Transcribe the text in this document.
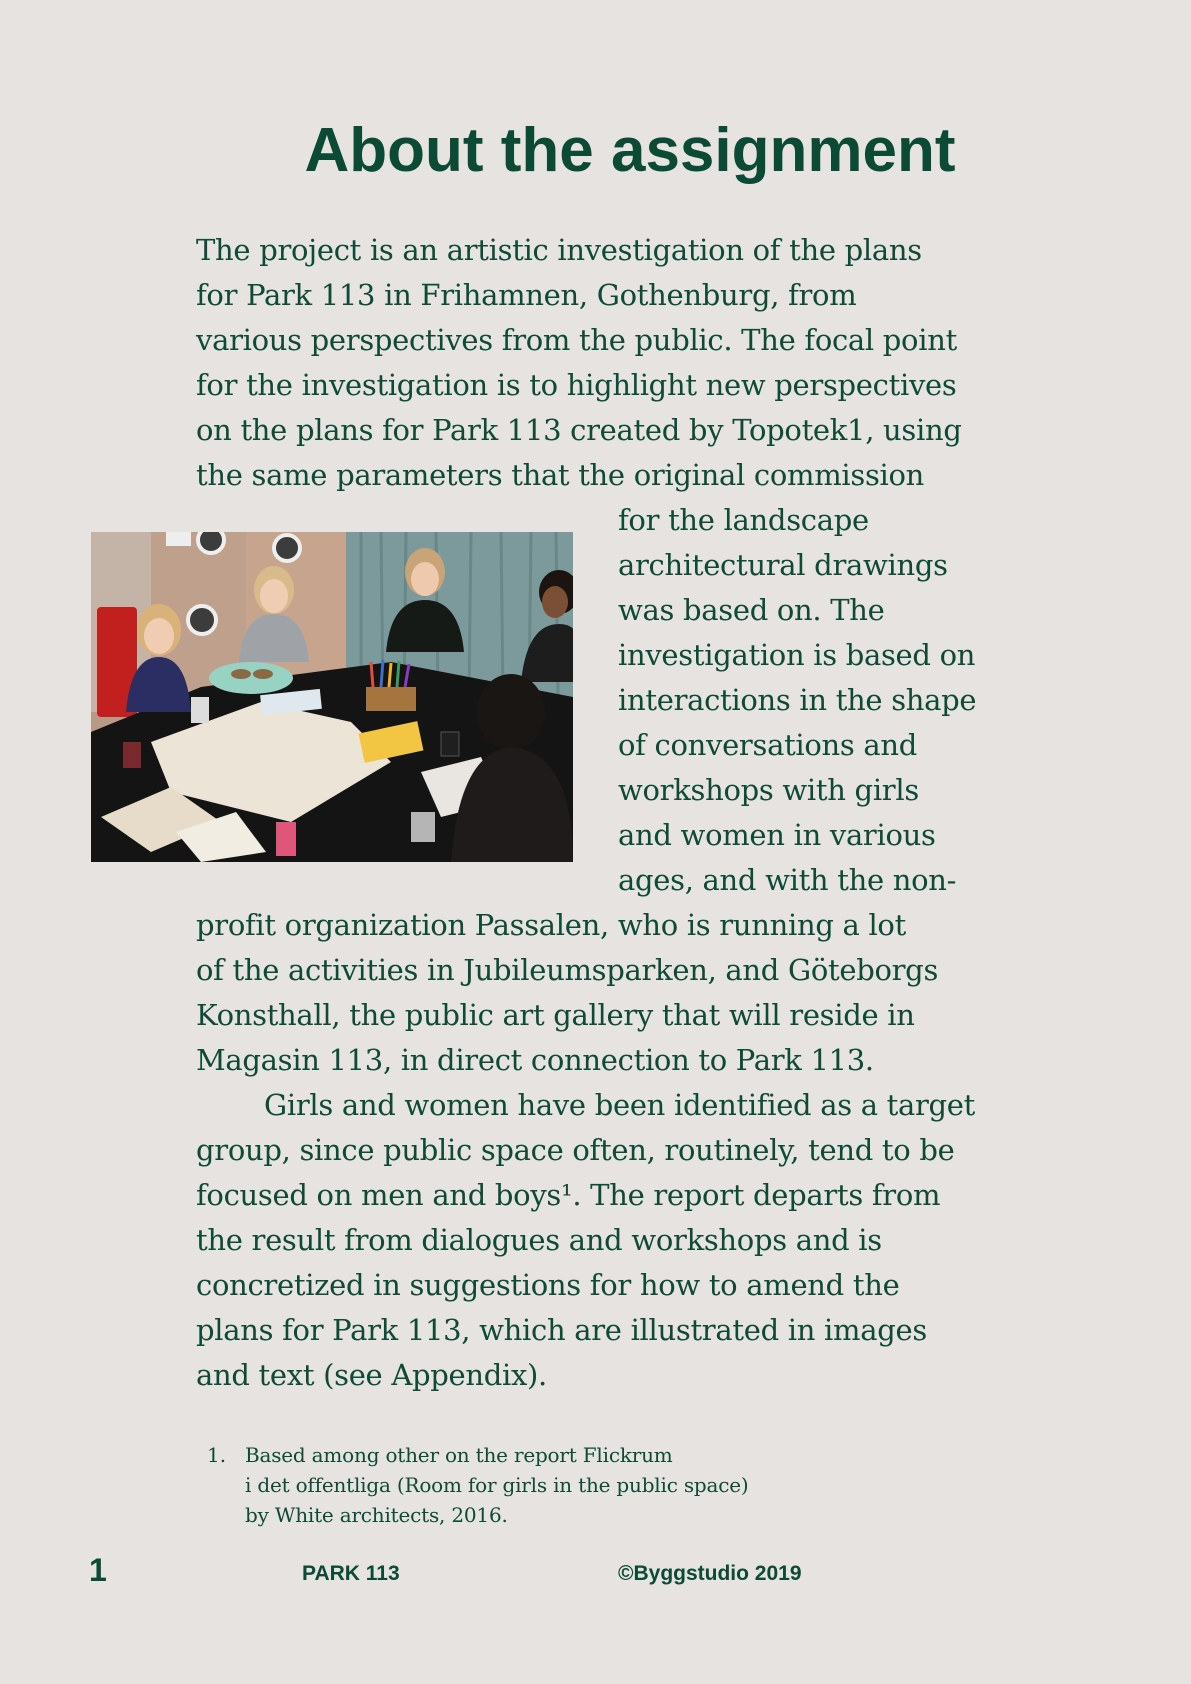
About the assignment
The project is an artistic investigation of the plans
for Park 113 in Frihamnen, Gothenburg, from
various perspectives from the public. The focal point
for the investigation is to highlight new perspectives
on the plans for Park 113 created by Topotek1, using
the same parameters that the original commission
for the landscape
architectural drawings
was based on. The
investigation is based on
interactions in the shape
of conversations and
workshops with girls
and women in various
ages, and with the non-
profit organization Passalen, who is running a lot
of the activities in Jubileumsparken, and Göteborgs
Konsthall, the public art gallery that will reside in
Magasin 113, in direct connection to Park 113.
Girls and women have been identified as a target
group, since public space often, routinely, tend to be
focused on men and boys¹. The report departs from
the result from dialogues and workshops and is
concretized in suggestions for how to amend the
plans for Park 113, which are illustrated in images
and text (see Appendix).
1. Based among other on the report Flickrum
i det offentliga (Room for girls in the public space)
by White architects, 2016.
1	PARK 113	©Byggstudio 2019
